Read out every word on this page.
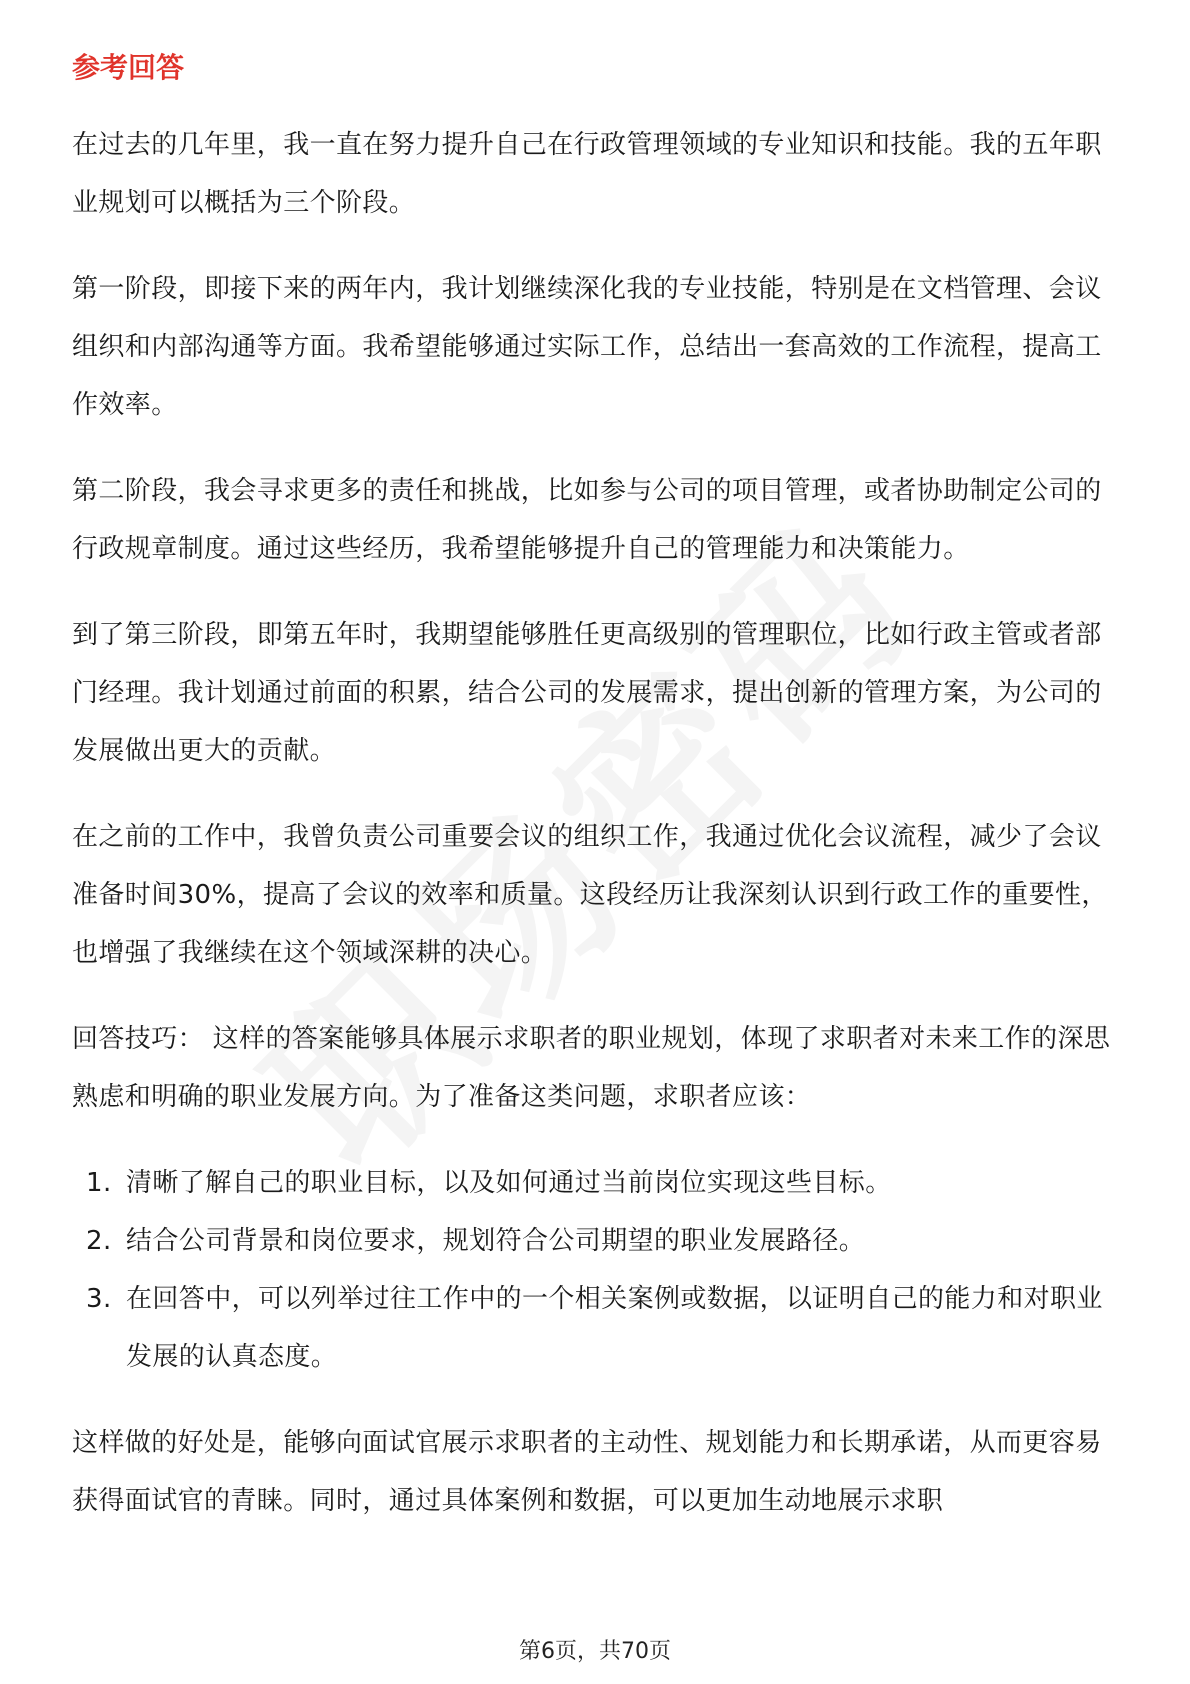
参考回答

在过去的几年里，我一直在努力提升自己在行政管理领域的专业知识和技能。我的五年职业规划可以概括为三个阶段。

第一阶段，即接下来的两年内，我计划继续深化我的专业技能，特别是在文档管理、会议组织和内部沟通等方面。我希望能够通过实际工作，总结出一套高效的工作流程，提高工作效率。

第二阶段，我会寻求更多的责任和挑战，比如参与公司的项目管理，或者协助制定公司的行政规章制度。通过这些经历，我希望能够提升自己的管理能力和决策能力。

到了第三阶段，即第五年时，我期望能够胜任更高级别的管理职位，比如行政主管或者部门经理。我计划通过前面的积累，结合公司的发展需求，提出创新的管理方案，为公司的发展做出更大的贡献。

在之前的工作中，我曾负责公司重要会议的组织工作，我通过优化会议流程，减少了会议准备时间30%，提高了会议的效率和质量。这段经历让我深刻认识到行政工作的重要性，也增强了我继续在这个领域深耕的决心。

回答技巧： 这样的答案能够具体展示求职者的职业规划，体现了求职者对未来工作的深思熟虑和明确的职业发展方向。为了准备这类问题，求职者应该：

1. 清晰了解自己的职业目标，以及如何通过当前岗位实现这些目标。
2. 结合公司背景和岗位要求，规划符合公司期望的职业发展路径。
3. 在回答中，可以列举过往工作中的一个相关案例或数据，以证明自己的能力和对职业发展的认真态度。

这样做的好处是，能够向面试官展示求职者的主动性、规划能力和长期承诺，从而更容易获得面试官的青睐。同时，通过具体案例和数据，可以更加生动地展示求职

第6页，共70页
